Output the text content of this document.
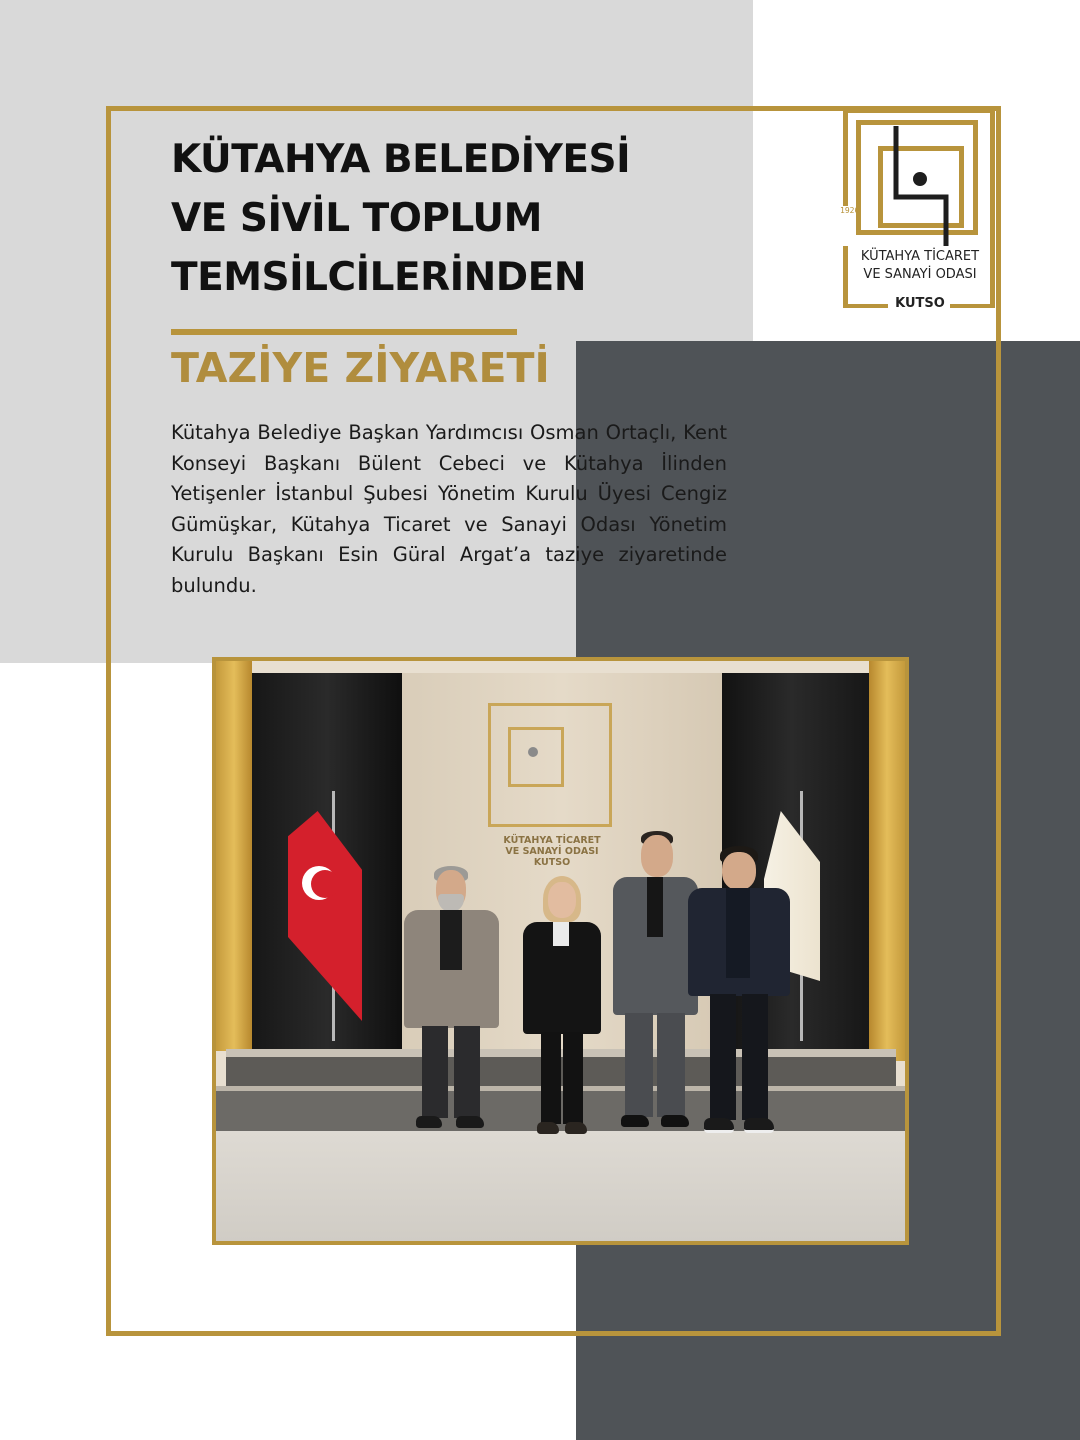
KÜTAHYA BELEDİYESİ
VE SİVİL TOPLUM
TEMSİLCİLERİNDEN
TAZİYE ZİYARETİ
Kütahya Belediye Başkan Yardımcısı Osman Ortaçlı, Kent Konseyi Başkanı Bülent Cebeci ve Kütahya İlinden Yetişenler İstanbul Şubesi Yönetim Kurulu Üyesi Cengiz Gümüşkar, Kütahya Ticaret ve Sanayi Odası Yönetim Kurulu Başkanı Esin Güral Argat’a taziye ziyaretinde bulundu.
1926
KÜTAHYA TİCARET
VE SANAYİ ODASI
KUTSO
KÜTAHYA TİCARET
VE SANAYİ ODASI
KUTSO
